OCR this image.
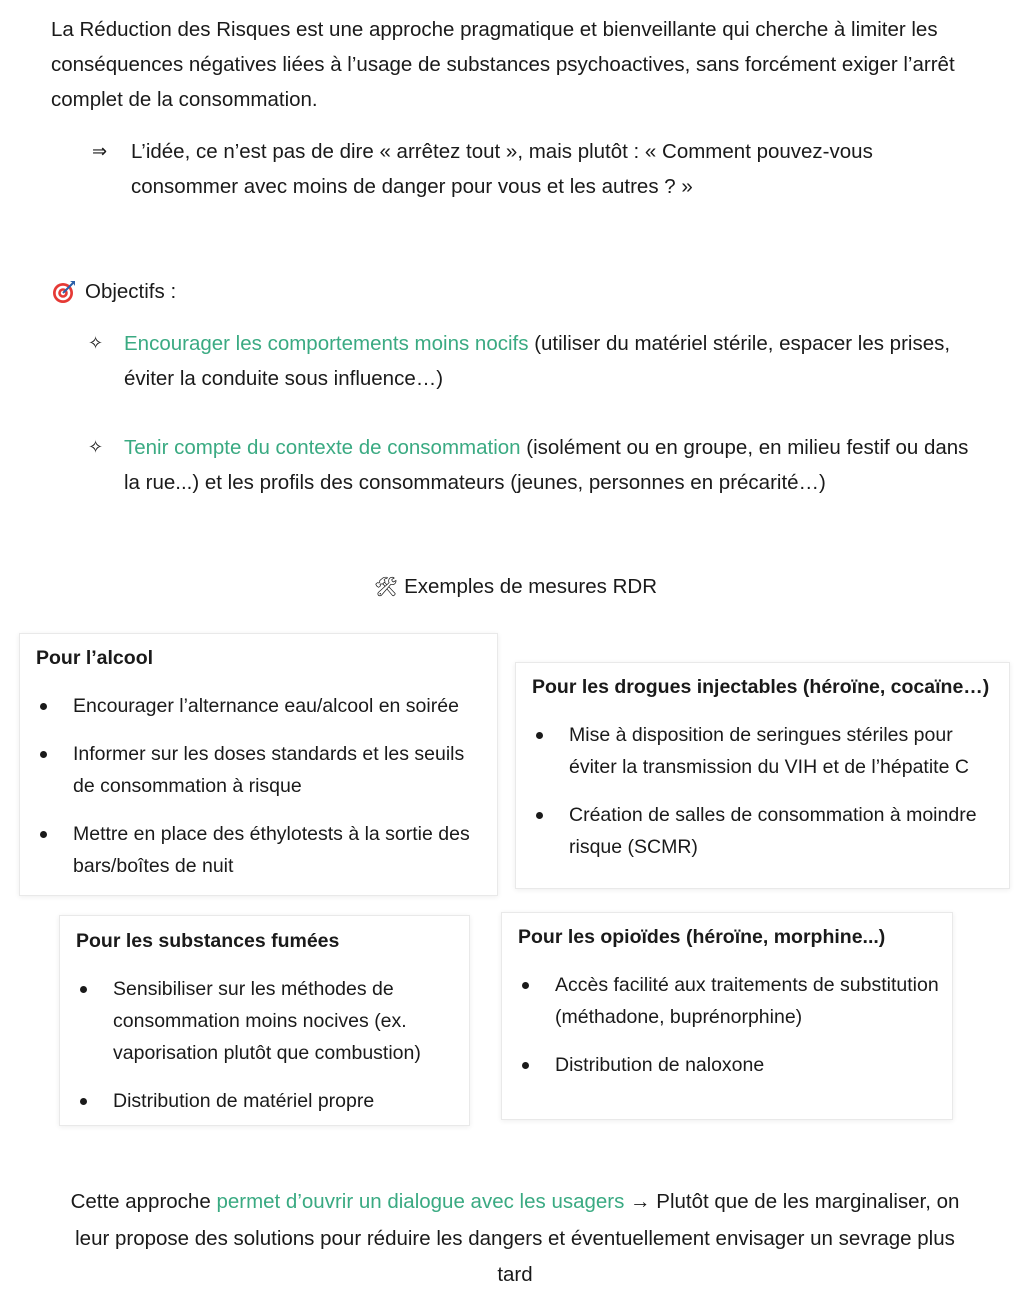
La Réduction des Risques est une approche pragmatique et bienveillante qui cherche à limiter les conséquences négatives liées à l’usage de substances psychoactives, sans forcément exiger l’arrêt complet de la consommation.
⇒	L’idée, ce n’est pas de dire « arrêtez tout », mais plutôt : « Comment pouvez-vous consommer avec moins de danger pour vous et les autres ? »
Objectifs :
✧	Encourager les comportements moins nocifs (utiliser du matériel stérile, espacer les prises, éviter la conduite sous influence…)
✧	Tenir compte du contexte de consommation (isolément ou en groupe, en milieu festif ou dans la rue...) et les profils des consommateurs (jeunes, personnes en précarité…)
🛠 Exemples de mesures RDR
Pour l’alcool
Encourager l’alternance eau/alcool en soirée
Informer sur les doses standards et les seuils de consommation à risque
Mettre en place des éthylotests à la sortie des bars/boîtes de nuit
Pour les drogues injectables (héroïne, cocaïne…)
Mise à disposition de seringues stériles pour éviter la transmission du VIH et de l’hépatite C
Création de salles de consommation à moindre risque (SCMR)
Pour les substances fumées
Sensibiliser sur les méthodes de consommation moins nocives (ex. vaporisation plutôt que combustion)
Distribution de matériel propre
Pour les opioïdes (héroïne, morphine...)
Accès facilité aux traitements de substitution (méthadone, buprénorphine)
Distribution de naloxone
Cette approche permet d’ouvrir un dialogue avec les usagers → Plutôt que de les marginaliser, on leur propose des solutions pour réduire les dangers et éventuellement envisager un sevrage plus tard
